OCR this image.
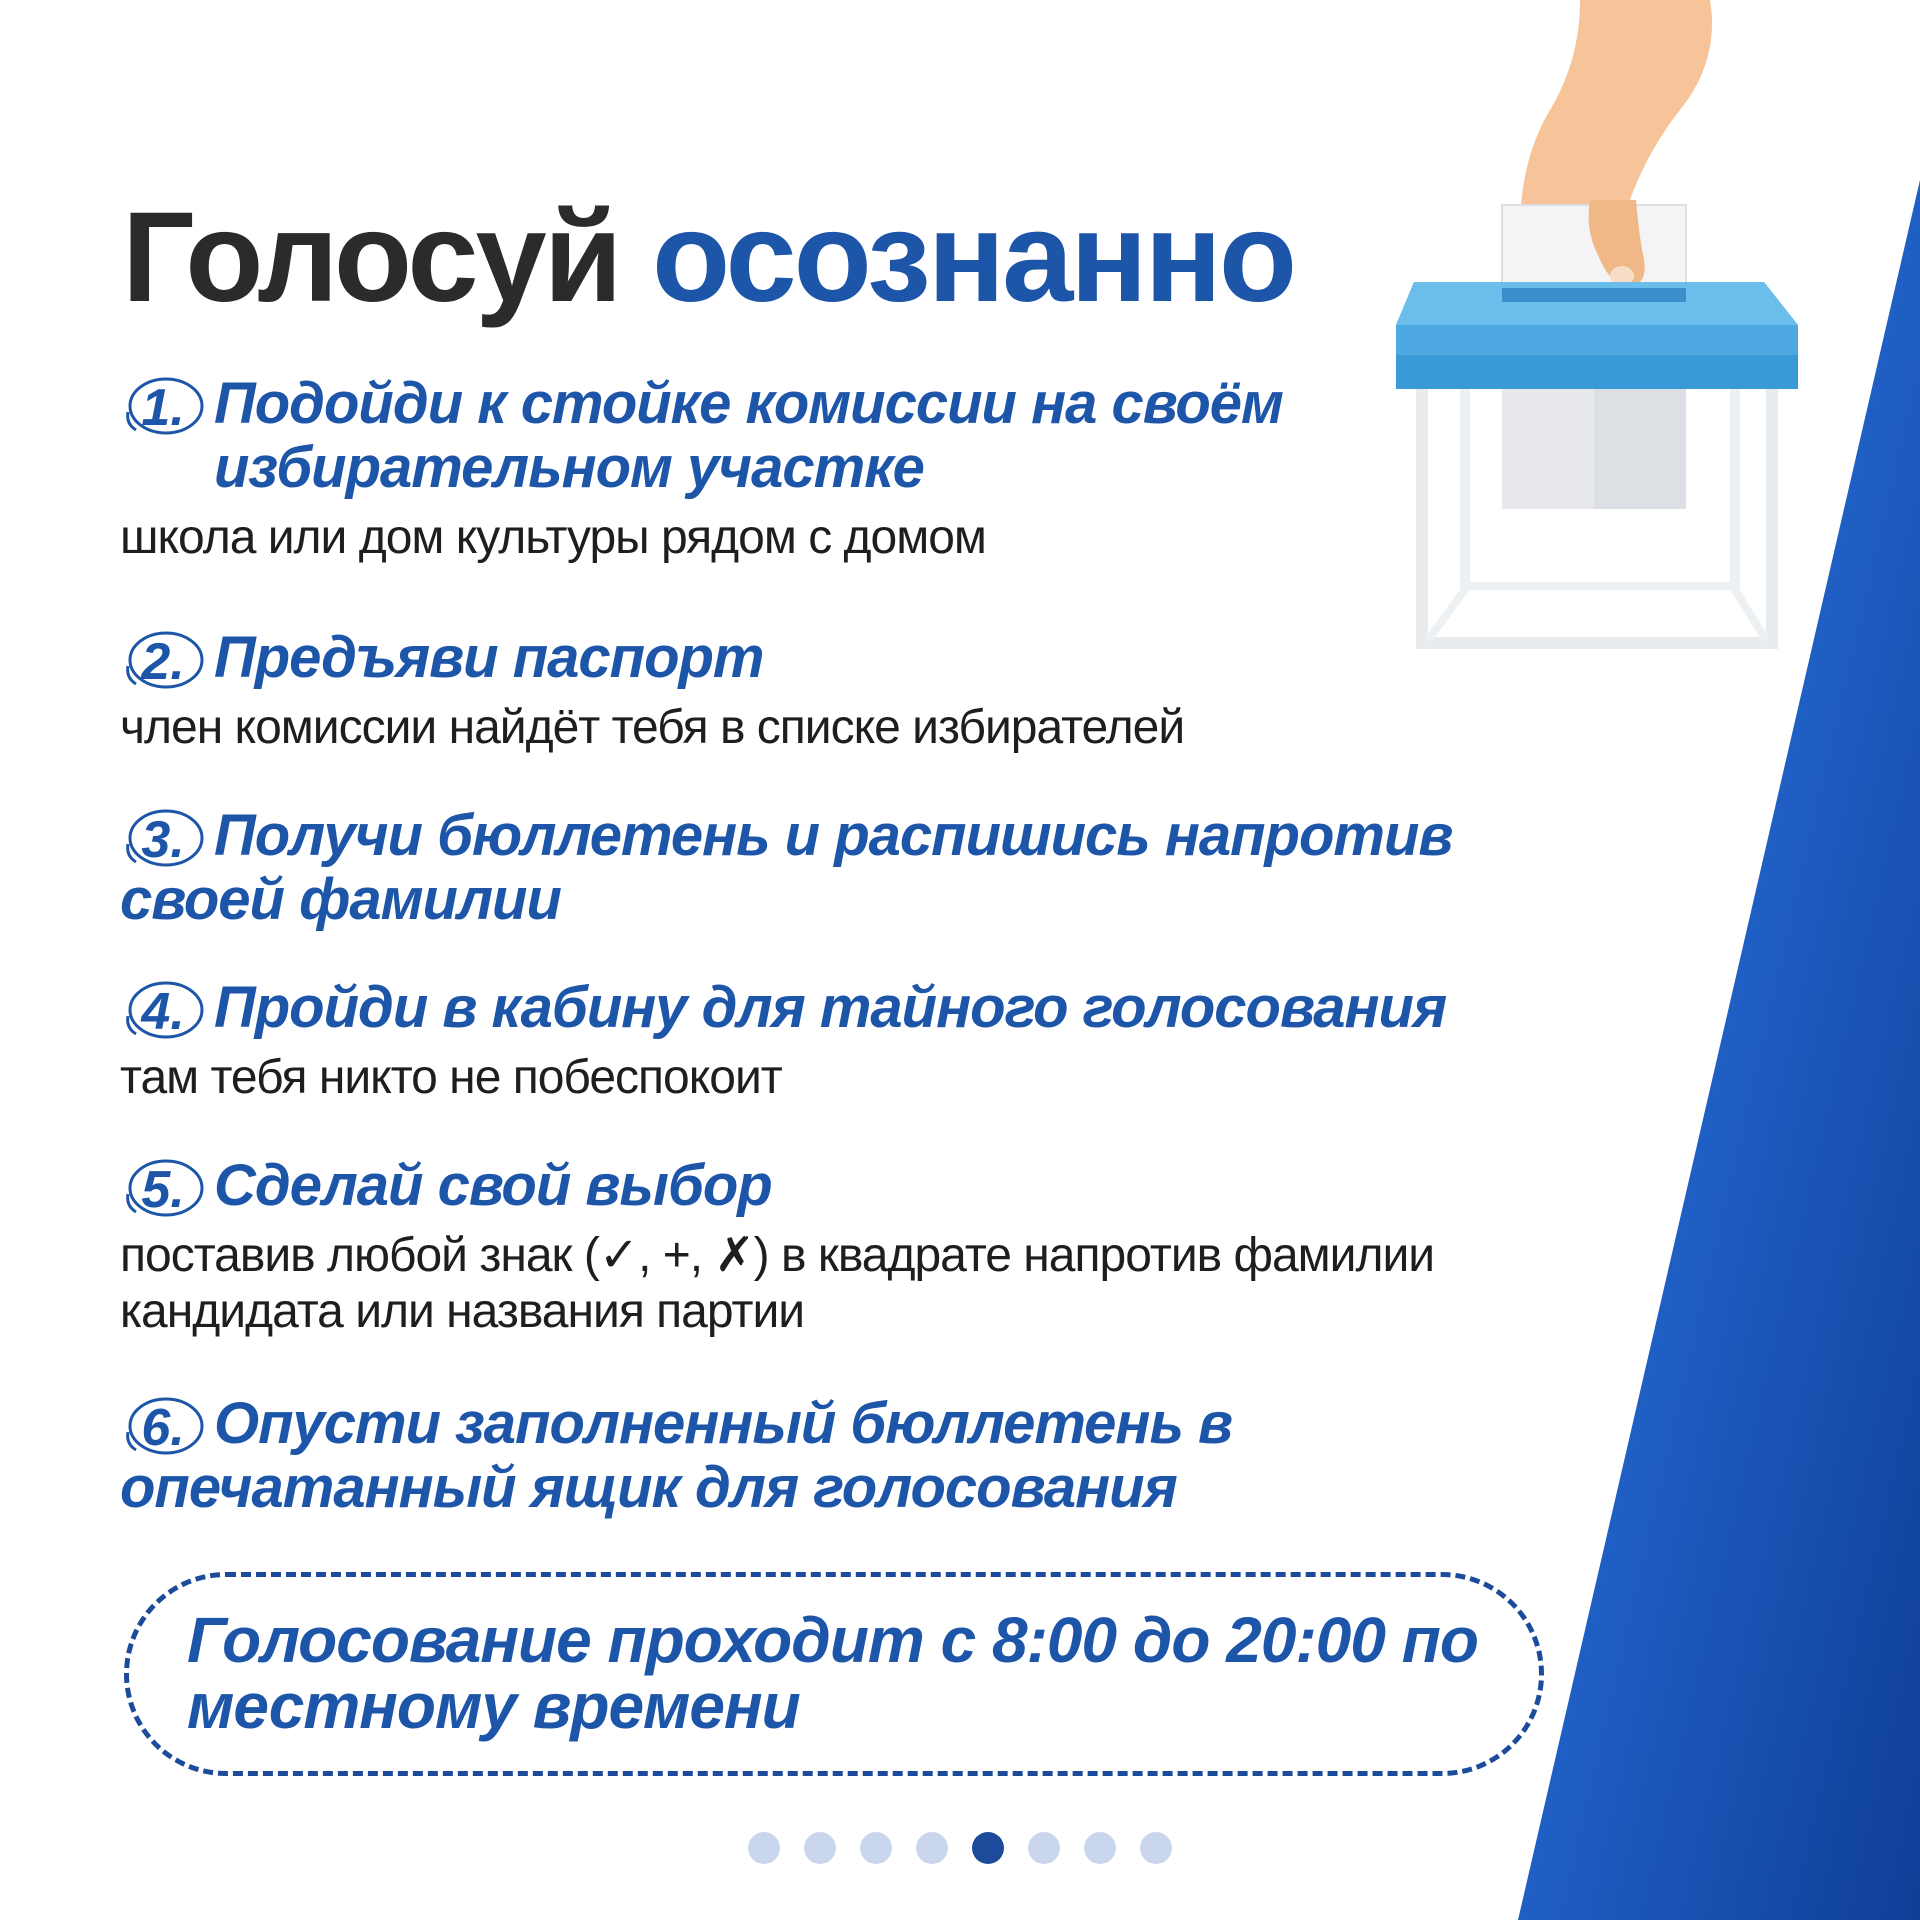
Голосуй осознанно
1. Подойди к стойке комиссии на своём избирательном участке
школа или дом культуры рядом с домом
2. Предъяви паспорт
член комиссии найдёт тебя в списке избирателей
3. Получи бюллетень и распишись напротив своей фамилии
4. Пройди в кабину для тайного голосования
там тебя никто не побеспокоит
5. Сделай свой выбор
поставив любой знак (✓, +, ✗) в квадрате напротив фамилии кандидата или названия партии
6. Опусти заполненный бюллетень в опечатанный ящик для голосования
Голосование проходит с 8:00 до 20:00 по местному времени
